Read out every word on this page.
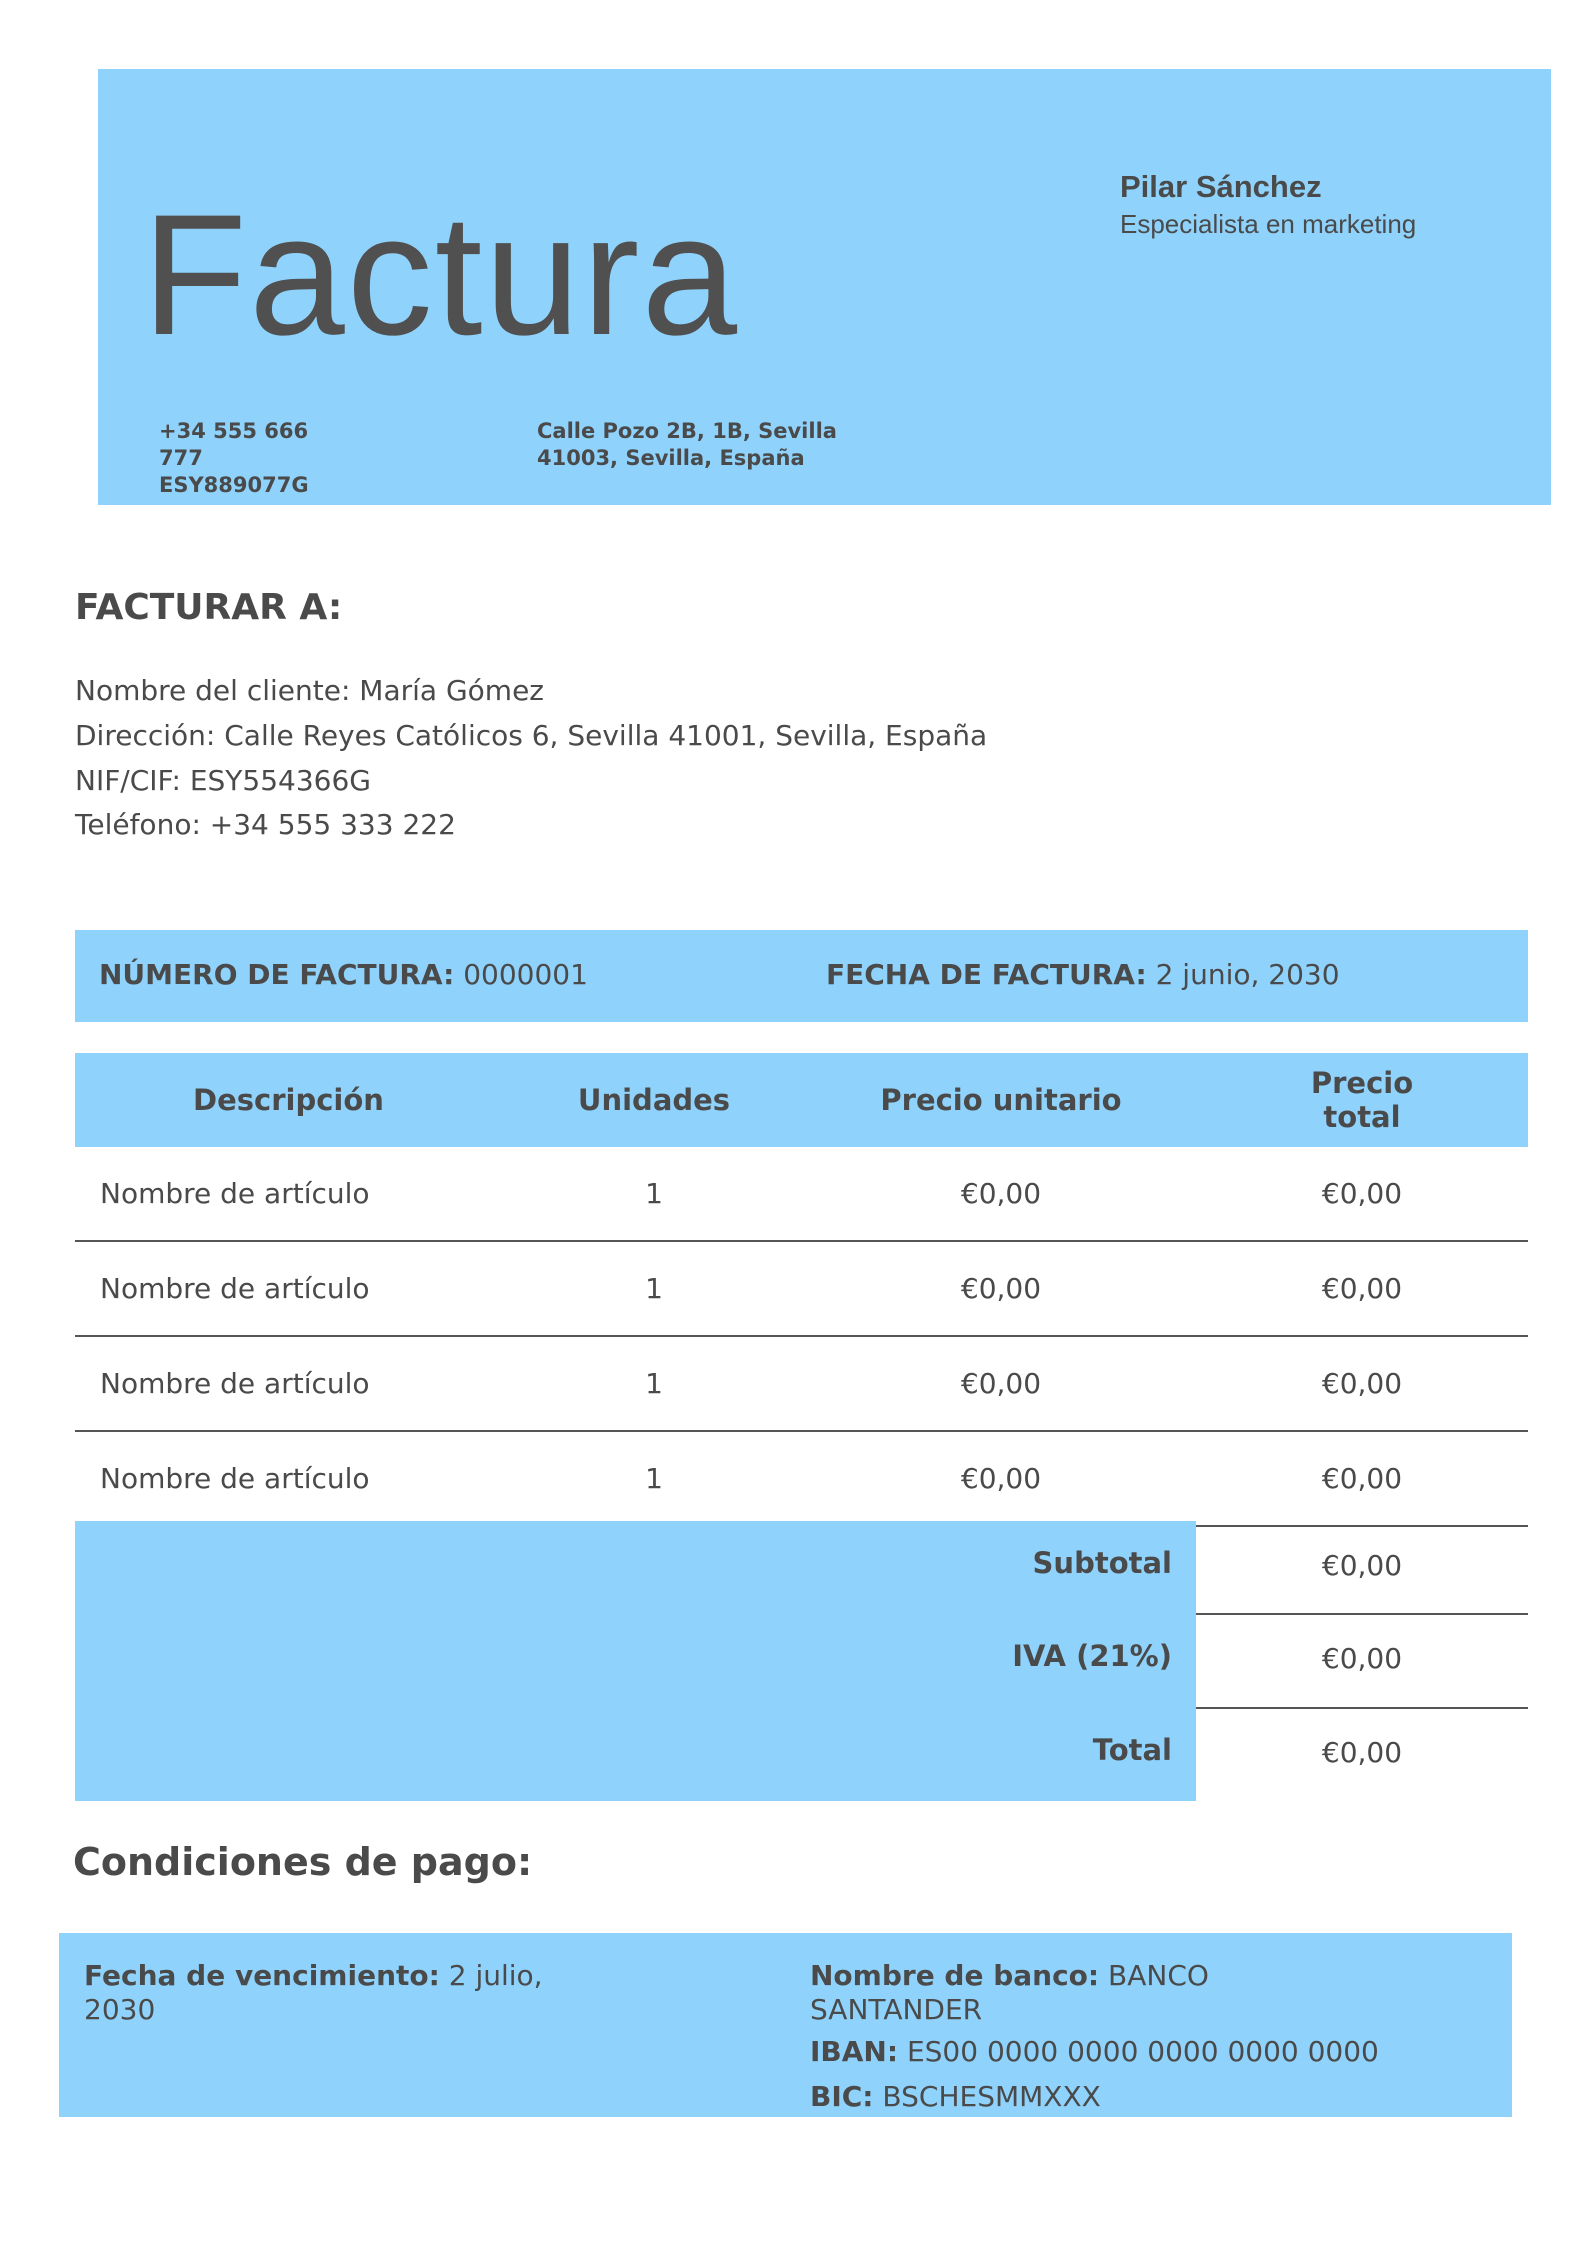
Factura	Pilar Sánchez
Especialista en marketing
+34 555 666
777
ESY889077G
Calle Pozo 2B, 1B, Sevilla
41003, Sevilla, España
FACTURAR A:
Nombre del cliente: María Gómez
Dirección: Calle Reyes Católicos 6, Sevilla 41001, Sevilla, España
NIF/CIF: ESY554366G
Teléfono: +34 555 333 222
NÚMERO DE FACTURA: 0000001	FECHA DE FACTURA: 2 junio, 2030
Descripción	Unidades	Precio unitario	Precio total
Nombre de artículo	1	€0,00	€0,00
Nombre de artículo	1	€0,00	€0,00
Nombre de artículo	1	€0,00	€0,00
Nombre de artículo	1	€0,00	€0,00
Subtotal	€0,00
IVA (21%)	€0,00
Total	€0,00
Condiciones de pago:
Fecha de vencimiento: 2 julio, 2030
Nombre de banco: BANCO SANTANDER
IBAN: ES00 0000 0000 0000 0000 0000
BIC: BSCHESMMXXX
